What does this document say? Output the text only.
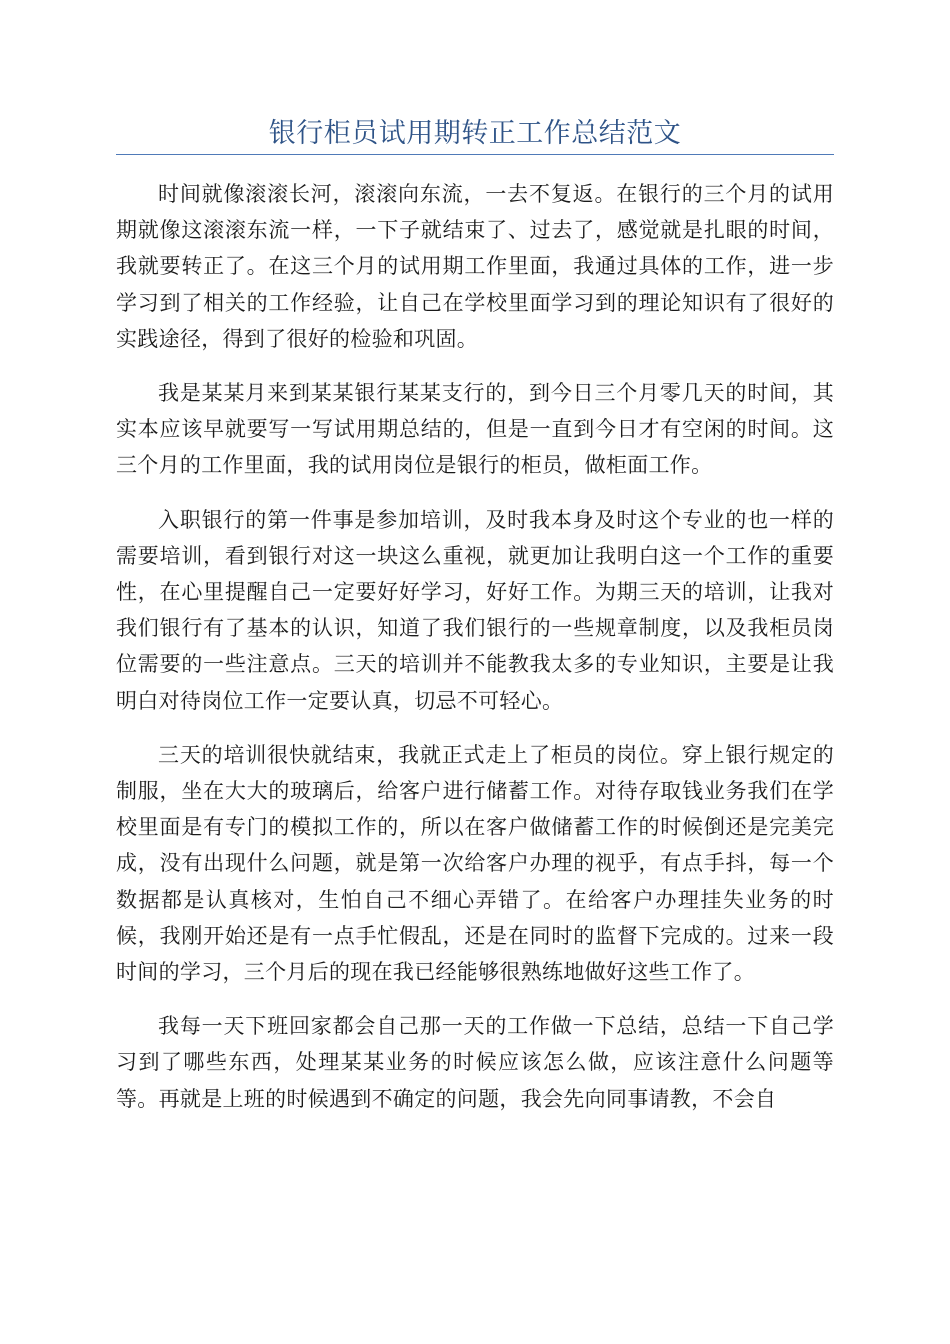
银行柜员试用期转正工作总结范文

时间就像滚滚长河，滚滚向东流，一去不复返。在银行的三个月的试用期就像这滚滚东流一样，一下子就结束了、过去了，感觉就是扎眼的时间，我就要转正了。在这三个月的试用期工作里面，我通过具体的工作，进一步学习到了相关的工作经验，让自己在学校里面学习到的理论知识有了很好的实践途径，得到了很好的检验和巩固。

我是某某月来到某某银行某某支行的，到今日三个月零几天的时间，其实本应该早就要写一写试用期总结的，但是一直到今日才有空闲的时间。这三个月的工作里面，我的试用岗位是银行的柜员，做柜面工作。

入职银行的第一件事是参加培训，及时我本身及时这个专业的也一样的需要培训，看到银行对这一块这么重视，就更加让我明白这一个工作的重要性，在心里提醒自己一定要好好学习，好好工作。为期三天的培训，让我对我们银行有了基本的认识，知道了我们银行的一些规章制度，以及我柜员岗位需要的一些注意点。三天的培训并不能教我太多的专业知识，主要是让我明白对待岗位工作一定要认真，切忌不可轻心。

三天的培训很快就结束，我就正式走上了柜员的岗位。穿上银行规定的制服，坐在大大的玻璃后，给客户进行储蓄工作。对待存取钱业务我们在学校里面是有专门的模拟工作的，所以在客户做储蓄工作的时候倒还是完美完成，没有出现什么问题，就是第一次给客户办理的视乎，有点手抖，每一个数据都是认真核对，生怕自己不细心弄错了。在给客户办理挂失业务的时候，我刚开始还是有一点手忙假乱，还是在同时的监督下完成的。过来一段时间的学习，三个月后的现在我已经能够很熟练地做好这些工作了。

我每一天下班回家都会自己那一天的工作做一下总结，总结一下自己学习到了哪些东西，处理某某业务的时候应该怎么做，应该注意什么问题等等。再就是上班的时候遇到不确定的问题，我会先向同事请教，不会自
